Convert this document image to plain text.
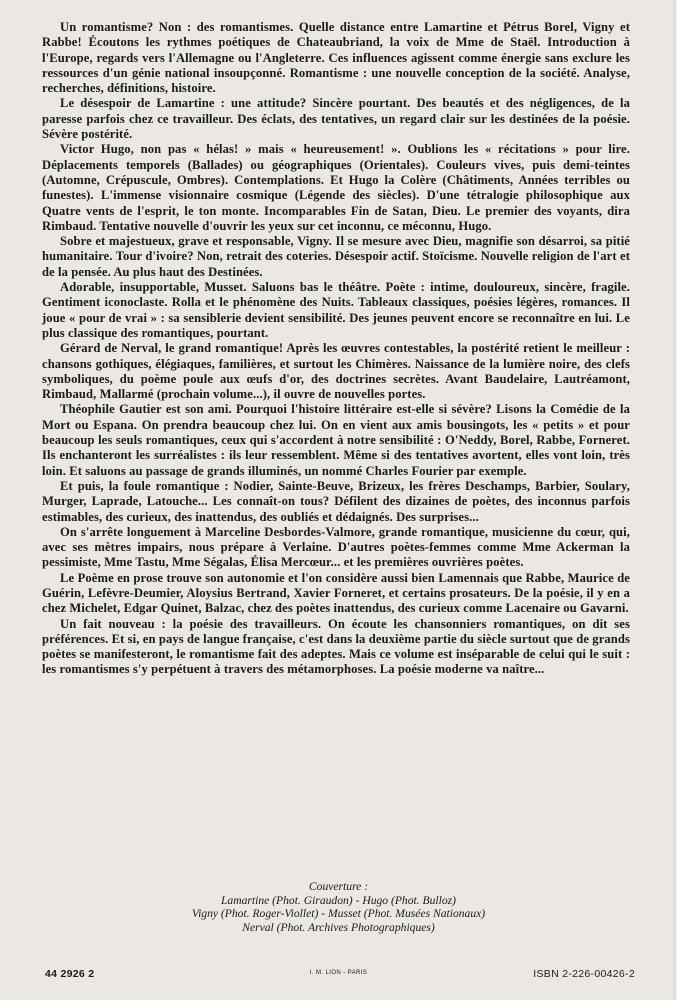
Un romantisme? Non : des romantismes. Quelle distance entre Lamartine et Pétrus Borel, Vigny et Rabbe! Écoutons les rythmes poétiques de Chateaubriand, la voix de Mme de Staël. Introduction à l'Europe, regards vers l'Allemagne ou l'Angleterre. Ces influences agissent comme énergie sans exclure les ressources d'un génie national insoupçonné. Romantisme : une nouvelle conception de la société. Analyse, recherches, définitions, histoire.

Le désespoir de Lamartine : une attitude? Sincère pourtant. Des beautés et des négligences, de la paresse parfois chez ce travailleur. Des éclats, des tentatives, un regard clair sur les destinées de la poésie. Sévère postérité.

Victor Hugo, non pas « hélas! » mais « heureusement! ». Oublions les « récitations » pour lire. Déplacements temporels (Ballades) ou géographiques (Orientales). Couleurs vives, puis demi-teintes (Automne, Crépuscule, Ombres). Contemplations. Et Hugo la Colère (Châtiments, Années terribles ou funestes). L'immense visionnaire cosmique (Légende des siècles). D'une tétralogie philosophique aux Quatre vents de l'esprit, le ton monte. Incomparables Fin de Satan, Dieu. Le premier des voyants, dira Rimbaud. Tentative nouvelle d'ouvrir les yeux sur cet inconnu, ce méconnu, Hugo.

Sobre et majestueux, grave et responsable, Vigny. Il se mesure avec Dieu, magnifie son désarroi, sa pitié humanitaire. Tour d'ivoire? Non, retrait des coteries. Désespoir actif. Stoïcisme. Nouvelle religion de l'art et de la pensée. Au plus haut des Destinées.

Adorable, insupportable, Musset. Saluons bas le théâtre. Poète : intime, douloureux, sincère, fragile. Gentiment iconoclaste. Rolla et le phénomène des Nuits. Tableaux classiques, poésies légères, romances. Il joue « pour de vrai » : sa sensiblerie devient sensibilité. Des jeunes peuvent encore se reconnaître en lui. Le plus classique des romantiques, pourtant.

Gérard de Nerval, le grand romantique! Après les œuvres contestables, la postérité retient le meilleur : chansons gothiques, élégiaques, familières, et surtout les Chimères. Naissance de la lumière noire, des clefs symboliques, du poème poule aux œufs d'or, des doctrines secrètes. Avant Baudelaire, Lautréamont, Rimbaud, Mallarmé (prochain volume...), il ouvre de nouvelles portes.

Théophile Gautier est son ami. Pourquoi l'histoire littéraire est-elle si sévère? Lisons la Comédie de la Mort ou Espana. On prendra beaucoup chez lui. On en vient aux amis bousingots, les « petits » et pour beaucoup les seuls romantiques, ceux qui s'accordent à notre sensibilité : O'Neddy, Borel, Rabbe, Forneret. Ils enchanteront les surréalistes : ils leur ressemblent. Même si des tentatives avortent, elles vont loin, très loin. Et saluons au passage de grands illuminés, un nommé Charles Fourier par exemple.

Et puis, la foule romantique : Nodier, Sainte-Beuve, Brizeux, les frères Deschamps, Barbier, Soulary, Murger, Laprade, Latouche... Les connaît-on tous? Défilent des dizaines de poètes, des inconnus parfois estimables, des curieux, des inattendus, des oubliés et dédaignés. Des surprises...

On s'arrête longuement à Marceline Desbordes-Valmore, grande romantique, musicienne du cœur, qui, avec ses mètres impairs, nous prépare à Verlaine. D'autres poètes-femmes comme Mme Ackerman la pessimiste, Mme Tastu, Mme Ségalas, Élisa Mercœur... et les premières ouvrières poètes.

Le Poème en prose trouve son autonomie et l'on considère aussi bien Lamennais que Rabbe, Maurice de Guérin, Lefèvre-Deumier, Aloysius Bertrand, Xavier Forneret, et certains prosateurs. De la poésie, il y en a chez Michelet, Edgar Quinet, Balzac, chez des poètes inattendus, des curieux comme Lacenaire ou Gavarni.

Un fait nouveau : la poésie des travailleurs. On écoute les chansonniers romantiques, on dit ses préférences. Et si, en pays de langue française, c'est dans la deuxième partie du siècle surtout que de grands poètes se manifesteront, le romantisme fait des adeptes. Mais ce volume est inséparable de celui qui le suit : les romantismes s'y perpétuent à travers des métamorphoses. La poésie moderne va naître...

Couverture :
Lamartine (Phot. Giraudon) - Hugo (Phot. Bulloz)
Vigny (Phot. Roger-Viollet) - Musset (Phot. Musées Nationaux)
Nerval (Phot. Archives Photographiques)
44 2926 2	I. M. LION - PARIS	ISBN 2-226-00426-2
